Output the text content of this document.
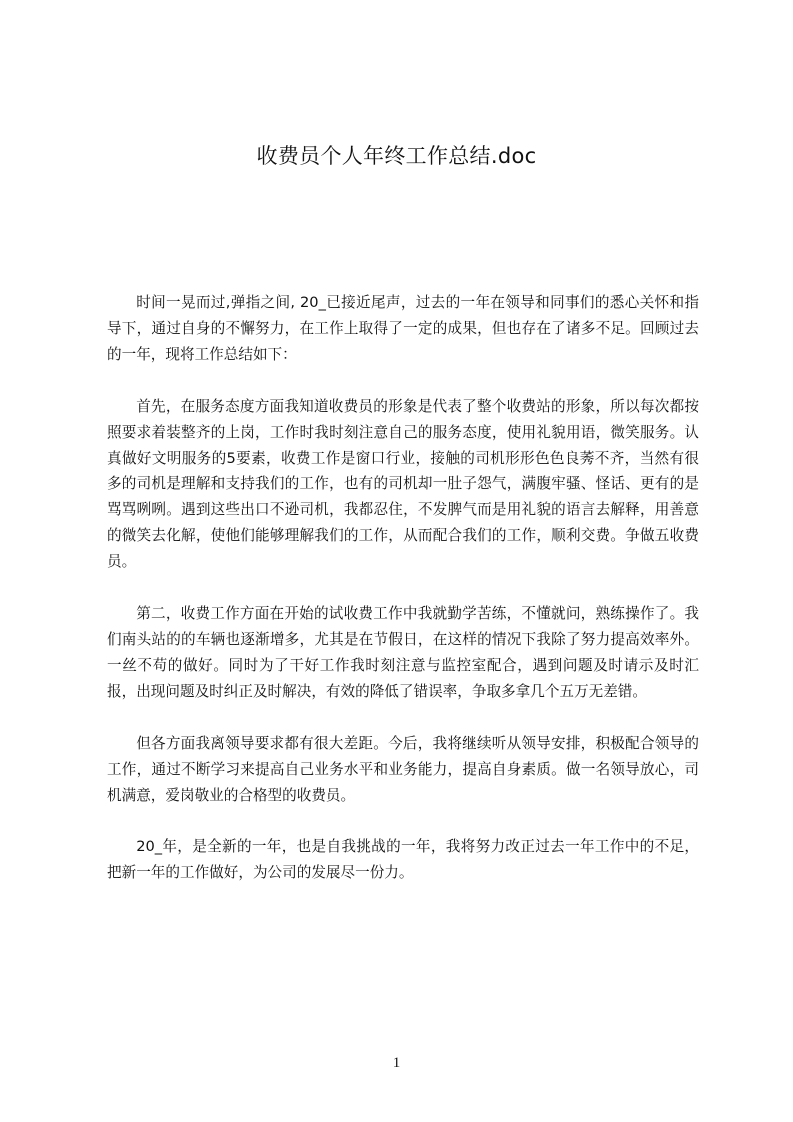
收费员个人年终工作总结.doc

时间一晃而过,弹指之间, 20_已接近尾声，过去的一年在领导和同事们的悉心关怀和指导下，通过自身的不懈努力，在工作上取得了一定的成果，但也存在了诸多不足。回顾过去的一年，现将工作总结如下：

首先，在服务态度方面我知道收费员的形象是代表了整个收费站的形象，所以每次都按照要求着装整齐的上岗，工作时我时刻注意自己的服务态度，使用礼貌用语，微笑服务。认真做好文明服务的5要素，收费工作是窗口行业，接触的司机形形色色良莠不齐，当然有很多的司机是理解和支持我们的工作，也有的司机却一肚子怨气，满腹牢骚、怪话、更有的是骂骂咧咧。遇到这些出口不逊司机，我都忍住，不发脾气而是用礼貌的语言去解释，用善意的微笑去化解，使他们能够理解我们的工作，从而配合我们的工作，顺利交费。争做五收费员。

第二，收费工作方面在开始的试收费工作中我就勤学苦练，不懂就问，熟练操作了。我们南头站的的车辆也逐渐增多，尤其是在节假日，在这样的情况下我除了努力提高效率外。一丝不苟的做好。同时为了干好工作我时刻注意与监控室配合，遇到问题及时请示及时汇报，出现问题及时纠正及时解决，有效的降低了错误率，争取多拿几个五万无差错。

但各方面我离领导要求都有很大差距。今后，我将继续听从领导安排，积极配合领导的工作，通过不断学习来提高自己业务水平和业务能力，提高自身素质。做一名领导放心，司机满意，爱岗敬业的合格型的收费员。

20_年，是全新的一年，也是自我挑战的一年，我将努力改正过去一年工作中的不足，把新一年的工作做好，为公司的发展尽一份力。

1
